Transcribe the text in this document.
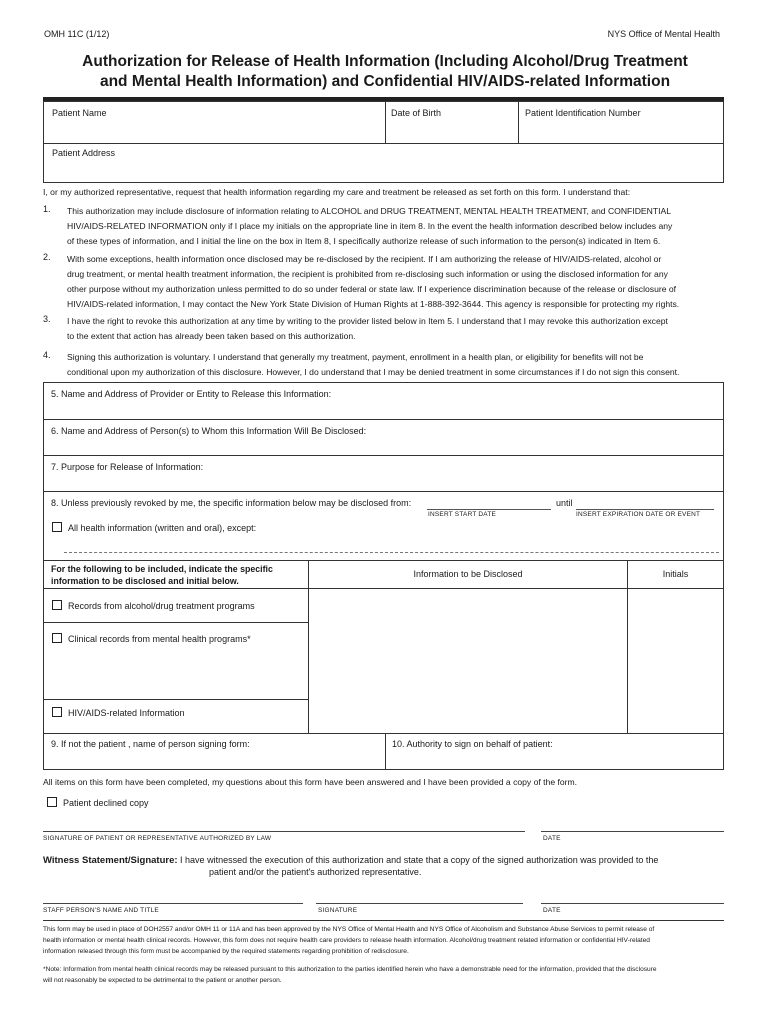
OMH 11C (1/12)	NYS Office of Mental Health
Authorization for Release of Health Information (Including Alcohol/Drug Treatment
and Mental Health Information) and Confidential HIV/AIDS-related Information
Patient Name	Date of Birth	Patient Identification Number
Patient Address
I, or my authorized representative, request that health information regarding my care and treatment be released as set forth on this form. I understand that:
1. This authorization may include disclosure of information relating to ALCOHOL and DRUG TREATMENT, MENTAL HEALTH TREATMENT, and CONFIDENTIAL
HIV/AIDS-RELATED INFORMATION only if I place my initials on the appropriate line in item 8. In the event the health information described below includes any
of these types of information, and I initial the line on the box in Item 8, I specifically authorize release of such information to the person(s) indicated in Item 6.
2. With some exceptions, health information once disclosed may be re-disclosed by the recipient. If I am authorizing the release of HIV/AIDS-related, alcohol or
drug treatment, or mental health treatment information, the recipient is prohibited from re-disclosing such information or using the disclosed information for any
other purpose without my authorization unless permitted to do so under federal or state law. If I experience discrimination because of the release or disclosure of
HIV/AIDS-related information, I may contact the New York State Division of Human Rights at 1-888-392-3644. This agency is responsible for protecting my rights.
3. I have the right to revoke this authorization at any time by writing to the provider listed below in Item 5. I understand that I may revoke this authorization except
to the extent that action has already been taken based on this authorization.
4. Signing this authorization is voluntary. I understand that generally my treatment, payment, enrollment in a health plan, or eligibility for benefits will not be
conditional upon my authorization of this disclosure. However, I do understand that I may be denied treatment in some circumstances if I do not sign this consent.
5. Name and Address of Provider or Entity to Release this Information:
6. Name and Address of Person(s) to Whom this Information Will Be Disclosed:
7. Purpose for Release of Information:
8. Unless previously revoked by me, the specific information below may be disclosed from:	until
INSERT START DATE	INSERT EXPIRATION DATE OR EVENT
All health information (written and oral), except:
For the following to be included, indicate the specific
information to be disclosed and initial below.
Information to be Disclosed	Initials
Records from alcohol/drug treatment programs
Clinical records from mental health programs*
HIV/AIDS-related Information
9. If not the patient , name of person signing form:	10. Authority to sign on behalf of patient:
All items on this form have been completed, my questions about this form have been answered and I have been provided a copy of the form.
Patient declined copy
SIGNATURE OF PATIENT OR REPRESENTATIVE AUTHORIZED BY LAW	DATE
Witness Statement/Signature: I have witnessed the execution of this authorization and state that a copy of the signed authorization was provided to the
patient and/or the patient's authorized representative.
STAFF PERSON'S NAME AND TITLE	SIGNATURE	DATE
This form may be used in place of DOH2557 and/or OMH 11 or 11A and has been approved by the NYS Office of Mental Health and NYS Office of Alcoholism and Substance Abuse Services to permit release of
health information or mental health clinical records. However, this form does not require health care providers to release health information. Alcohol/drug treatment related information or confidential HIV-related
information released through this form must be accompanied by the required statements regarding prohibition of redisclosure.
*Note: Information from mental health clinical records may be released pursuant to this authorization to the parties identified herein who have a demonstrable need for the information, provided that the disclosure
will not reasonably be expected to be detrimental to the patient or another person.
